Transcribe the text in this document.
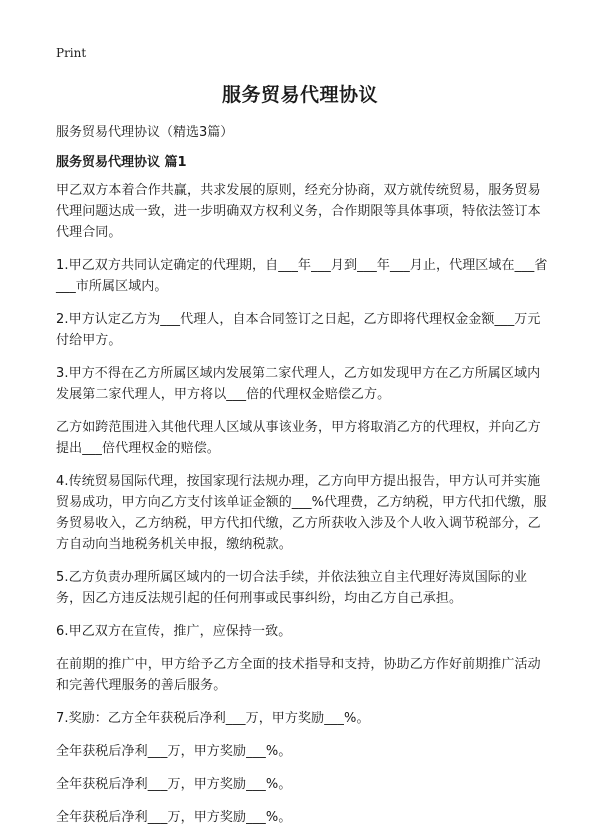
Print
服务贸易代理协议
服务贸易代理协议（精选3篇）
服务贸易代理协议 篇1

甲乙双方本着合作共赢，共求发展的原则，经充分协商，双方就传统贸易，服务贸易代理问题达成一致，进一步明确双方权利义务，合作期限等具体事项，特依法签订本代理合同。

1.甲乙双方共同认定确定的代理期，自___年___月到___年___月止，代理区域在___省___市所属区域内。

2.甲方认定乙方为___代理人，自本合同签订之日起，乙方即将代理权金金额___万元付给甲方。

3.甲方不得在乙方所属区域内发展第二家代理人，乙方如发现甲方在乙方所属区域内发展第二家代理人，甲方将以___倍的代理权金赔偿乙方。

乙方如跨范围进入其他代理人区域从事该业务，甲方将取消乙方的代理权，并向乙方提出___倍代理权金的赔偿。

4.传统贸易国际代理，按国家现行法规办理，乙方向甲方提出报告，甲方认可并实施贸易成功，甲方向乙方支付该单证金额的___%代理费，乙方纳税，甲方代扣代缴，服务贸易收入，乙方纳税，甲方代扣代缴，乙方所获收入涉及个人收入调节税部分，乙方自动向当地税务机关申报，缴纳税款。

5.乙方负责办理所属区域内的一切合法手续，并依法独立自主代理好涛岚国际的业务，因乙方违反法规引起的任何刑事或民事纠纷，均由乙方自己承担。

6.甲乙双方在宣传，推广，应保持一致。

在前期的推广中，甲方给予乙方全面的技术指导和支持，协助乙方作好前期推广活动和完善代理服务的善后服务。

7.奖励：乙方全年获税后净利___万，甲方奖励___%。

全年获税后净利___万，甲方奖励___%。

全年获税后净利___万，甲方奖励___%。

全年获税后净利___万，甲方奖励___%。
